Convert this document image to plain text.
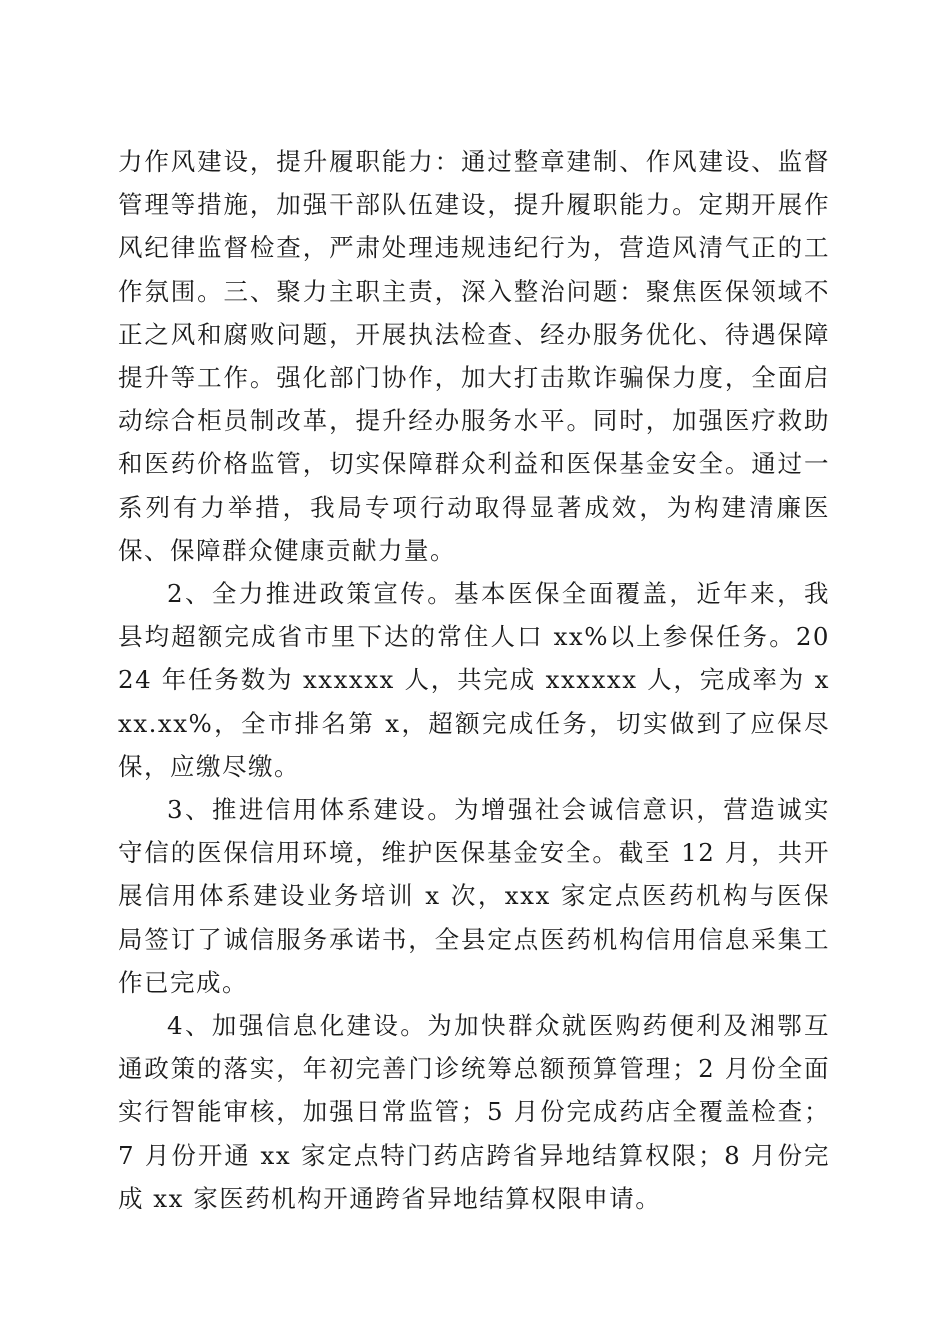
力作风建设，提升履职能力：通过整章建制、作风建设、监督管理等措施，加强干部队伍建设，提升履职能力。定期开展作风纪律监督检查，严肃处理违规违纪行为，营造风清气正的工作氛围。三、聚力主职主责，深入整治问题：聚焦医保领域不正之风和腐败问题，开展执法检查、经办服务优化、待遇保障提升等工作。强化部门协作，加大打击欺诈骗保力度，全面启动综合柜员制改革，提升经办服务水平。同时，加强医疗救助和医药价格监管，切实保障群众利益和医保基金安全。通过一系列有力举措，我局专项行动取得显著成效，为构建清廉医保、保障群众健康贡献力量。

2、全力推进政策宣传。基本医保全面覆盖，近年来，我县均超额完成省市里下达的常住人口 xx%以上参保任务。2024 年任务数为 xxxxxx 人，共完成 xxxxxx 人，完成率为 xxx.xx%，全市排名第 x，超额完成任务，切实做到了应保尽保，应缴尽缴。

3、推进信用体系建设。为增强社会诚信意识，营造诚实守信的医保信用环境，维护医保基金安全。截至 12 月，共开展信用体系建设业务培训 x 次，xxx 家定点医药机构与医保局签订了诚信服务承诺书，全县定点医药机构信用信息采集工作已完成。

4、加强信息化建设。为加快群众就医购药便利及湘鄂互通政策的落实，年初完善门诊统筹总额预算管理；2 月份全面实行智能审核，加强日常监管；5 月份完成药店全覆盖检查；7 月份开通 xx 家定点特门药店跨省异地结算权限；8 月份完成 xx 家医药机构开通跨省异地结算权限申请。
